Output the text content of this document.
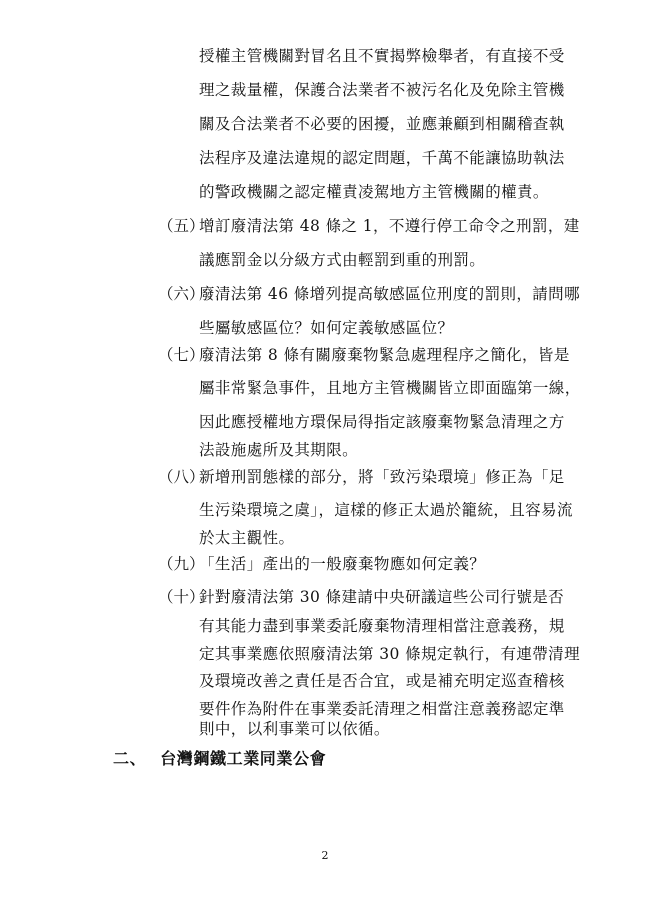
授權主管機關對冒名且不實揭弊檢舉者，有直接不受
理之裁量權，保護合法業者不被污名化及免除主管機
關及合法業者不必要的困擾，並應兼顧到相關稽查執
法程序及違法違規的認定問題，千萬不能讓協助執法
的警政機關之認定權責凌駕地方主管機關的權責。
（五）
增訂廢清法第 48 條之 1，不遵行停工命令之刑罰，建
議應罰金以分級方式由輕罰到重的刑罰。
（六）
廢清法第 46 條增列提高敏感區位刑度的罰則，請問哪
些屬敏感區位？如何定義敏感區位？
（七）
廢清法第 8 條有關廢棄物緊急處理程序之簡化，皆是
屬非常緊急事件，且地方主管機關皆立即面臨第一線，
因此應授權地方環保局得指定該廢棄物緊急清理之方
法設施處所及其期限。
（八）
新增刑罰態樣的部分，將「致污染環境」修正為「足
生污染環境之虞」，這樣的修正太過於籠統，且容易流
於太主觀性。
（九）
「生活」產出的一般廢棄物應如何定義？
（十）
針對廢清法第 30 條建請中央研議這些公司行號是否
有其能力盡到事業委託廢棄物清理相當注意義務，規
定其事業應依照廢清法第 30 條規定執行，有連帶清理
及環境改善之責任是否合宜，或是補充明定巡查稽核
要件作為附件在事業委託清理之相當注意義務認定準
則中，以利事業可以依循。
二、 台灣鋼鐵工業同業公會
2
